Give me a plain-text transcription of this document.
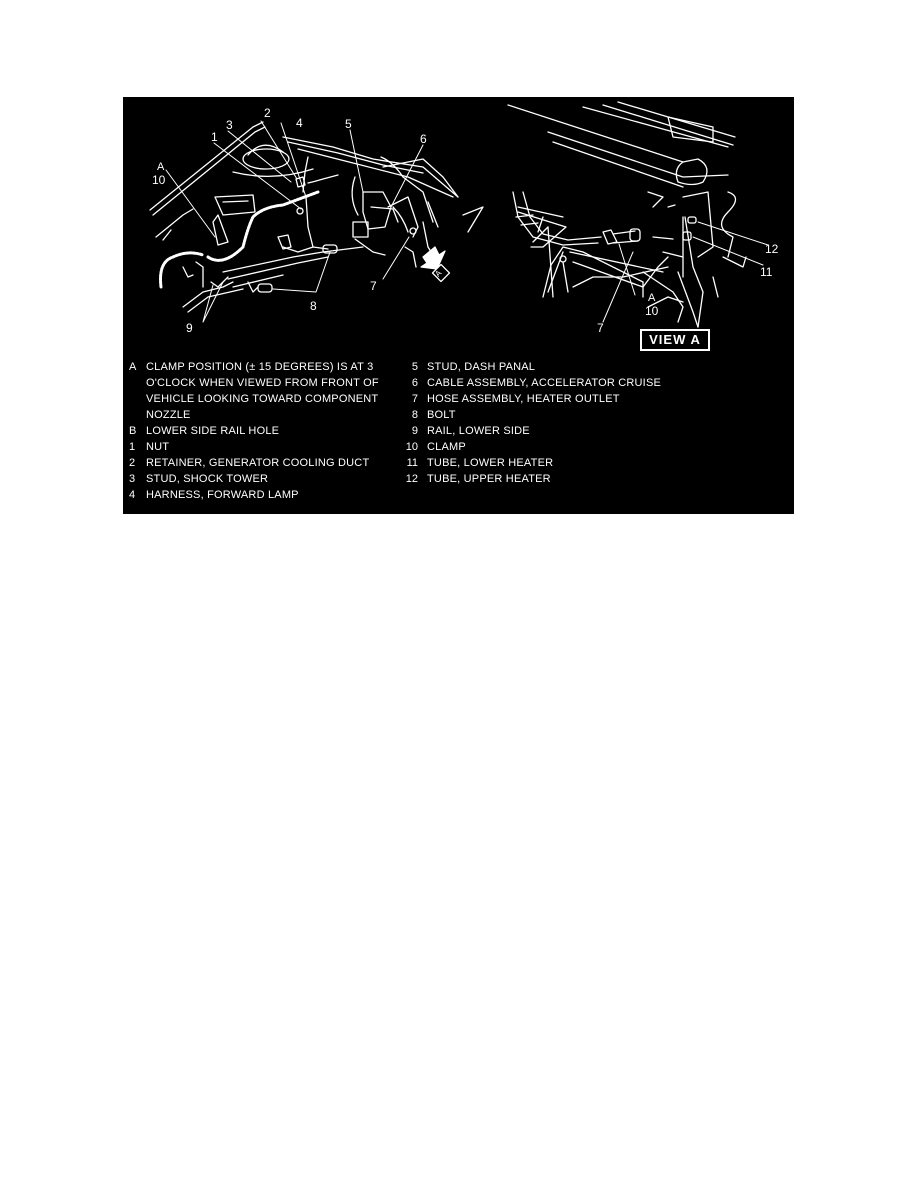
1
2
3	4	5
6
7
8
9
A
10
A
7
A
10
11
12
VIEW A
A CLAMP POSITION (± 15 DEGREES) IS AT 3
O'CLOCK WHEN VIEWED FROM FRONT OF
VEHICLE LOOKING TOWARD COMPONENT
NOZZLE
B LOWER SIDE RAIL HOLE
1 NUT
2 RETAINER, GENERATOR COOLING DUCT
3 STUD, SHOCK TOWER
4 HARNESS, FORWARD LAMP
5 STUD, DASH PANAL
6 CABLE ASSEMBLY, ACCELERATOR CRUISE
7 HOSE ASSEMBLY, HEATER OUTLET
8 BOLT
9 RAIL, LOWER SIDE
10 CLAMP
11 TUBE, LOWER HEATER
12 TUBE, UPPER HEATER
5-7-94
WS0521B
